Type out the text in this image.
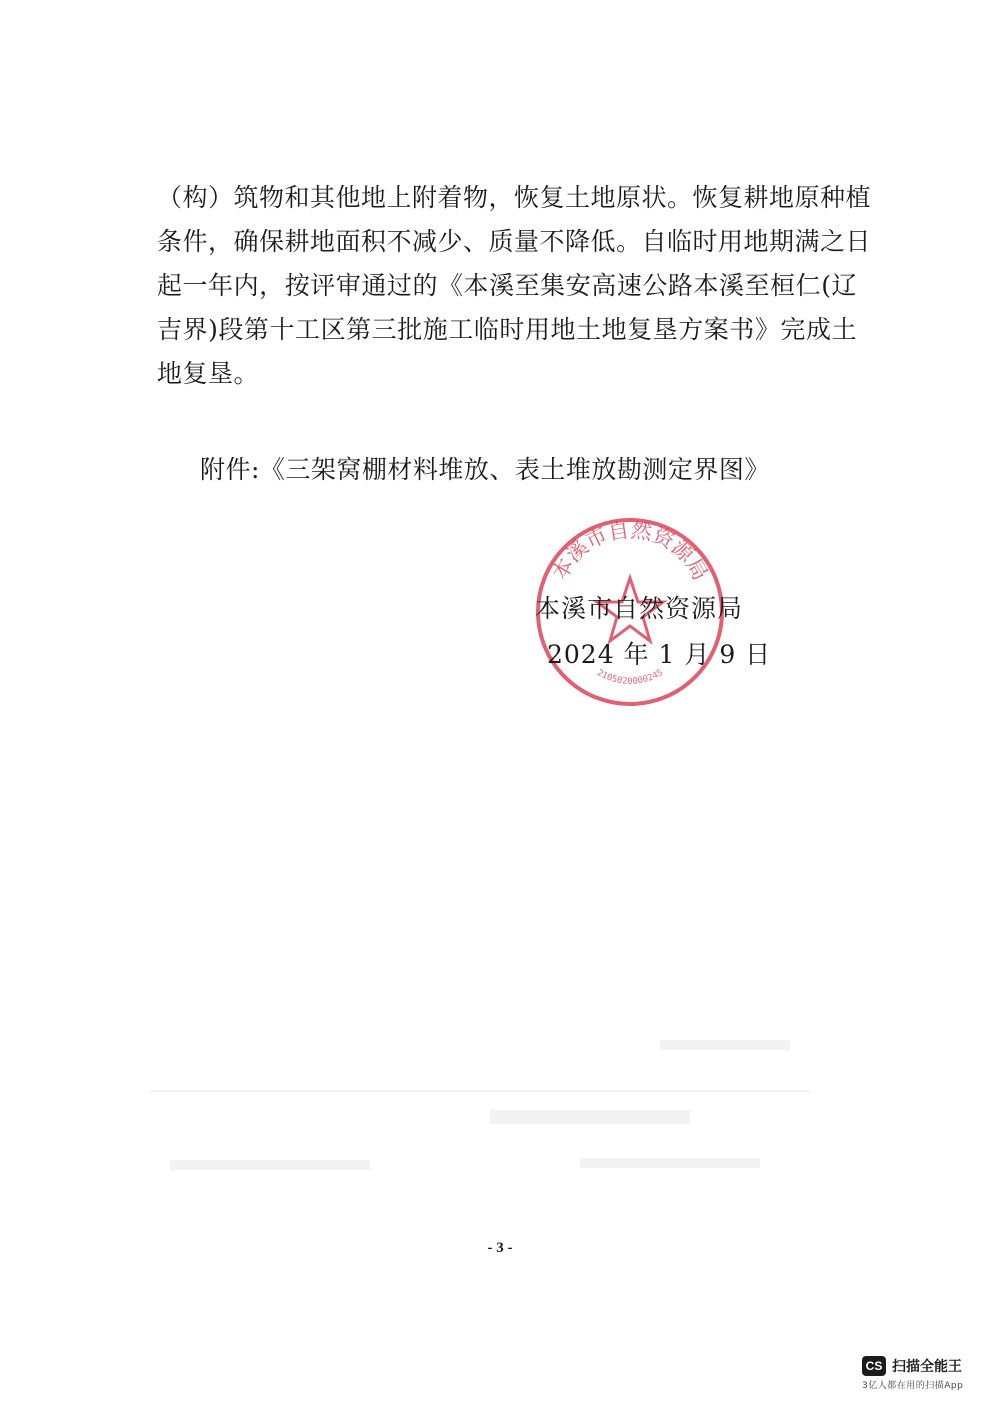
（构）筑物和其他地上附着物，恢复土地原状。恢复耕地原种植
条件，确保耕地面积不减少、质量不降低。自临时用地期满之日
起一年内，按评审通过的《本溪至集安高速公路本溪至桓仁(辽
吉界)段第十工区第三批施工临时用地土地复垦方案书》完成土
地复垦。
附件:《三架窝棚材料堆放、表土堆放勘测定界图》
本溪市自然资源局
2105020000245
本溪市自然资源局
2024 年 1 月 9 日
- 3 -
CS 扫描全能王
3亿人都在用的扫描App
